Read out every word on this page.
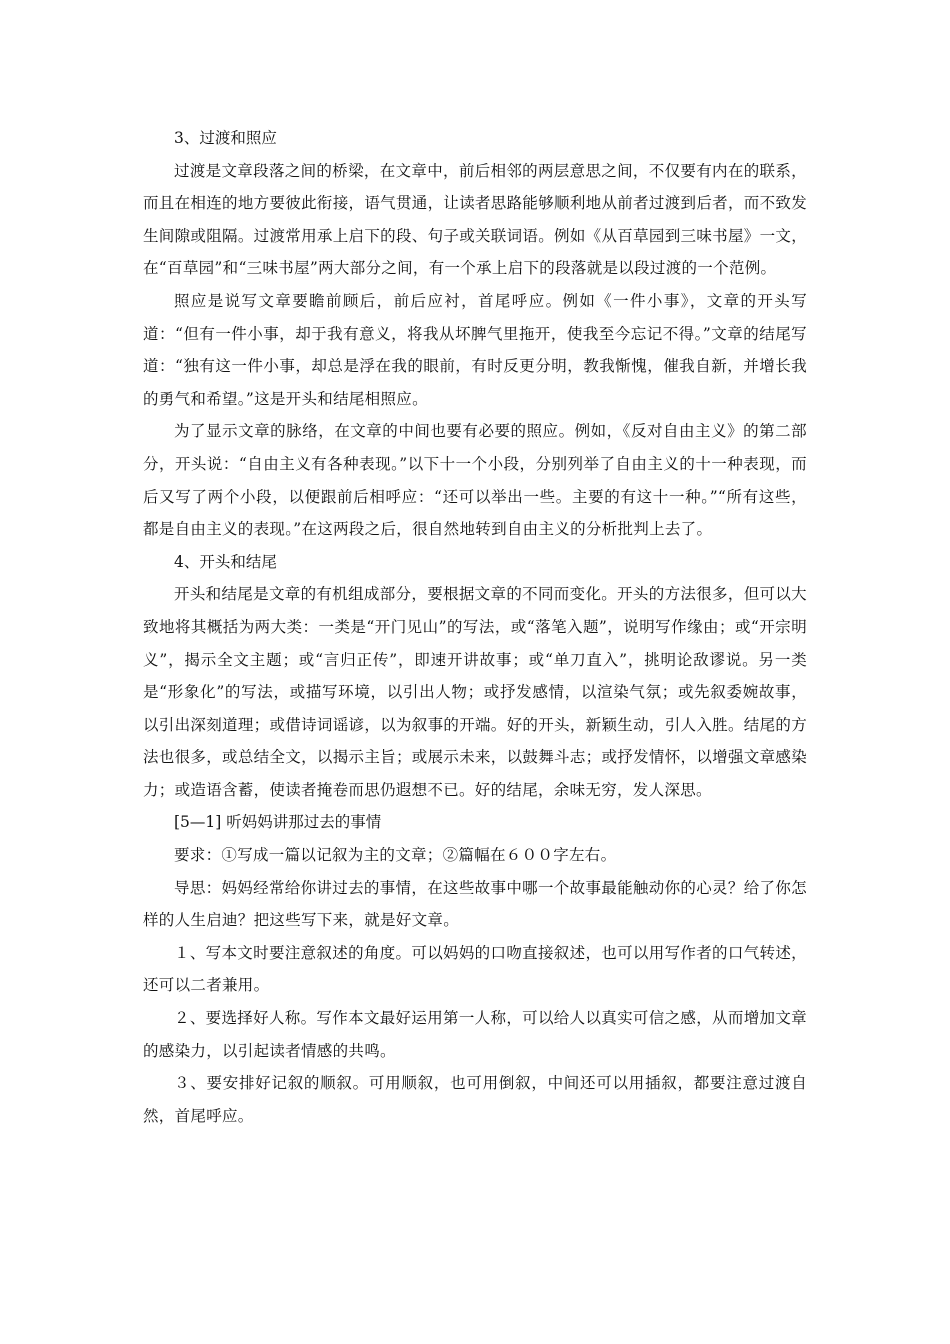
3、过渡和照应

过渡是文章段落之间的桥梁，在文章中，前后相邻的两层意思之间，不仅要有内在的联系，而且在相连的地方要彼此衔接，语气贯通，让读者思路能够顺利地从前者过渡到后者，而不致发生间隙或阻隔。过渡常用承上启下的段、句子或关联词语。例如《从百草园到三味书屋》一文，在“百草园”和“三味书屋”两大部分之间，有一个承上启下的段落就是以段过渡的一个范例。

照应是说写文章要瞻前顾后，前后应衬，首尾呼应。例如《一件小事》，文章的开头写道：“但有一件小事，却于我有意义，将我从坏脾气里拖开，使我至今忘记不得。”文章的结尾写道：“独有这一件小事，却总是浮在我的眼前，有时反更分明，教我惭愧，催我自新，并增长我的勇气和希望。”这是开头和结尾相照应。

为了显示文章的脉络，在文章的中间也要有必要的照应。例如，《反对自由主义》的第二部分，开头说：“自由主义有各种表现。”以下十一个小段，分别列举了自由主义的十一种表现，而后又写了两个小段，以便跟前后相呼应：“还可以举出一些。主要的有这十一种。”“所有这些，都是自由主义的表现。”在这两段之后，很自然地转到自由主义的分析批判上去了。

4、开头和结尾

开头和结尾是文章的有机组成部分，要根据文章的不同而变化。开头的方法很多，但可以大致地将其概括为两大类：一类是“开门见山”的写法，或“落笔入题”，说明写作缘由；或“开宗明义”，揭示全文主题；或“言归正传”，即速开讲故事；或“单刀直入”，挑明论敌谬说。另一类是“形象化”的写法，或描写环境，以引出人物；或抒发感情，以渲染气氛；或先叙委婉故事，以引出深刻道理；或借诗词谣谚，以为叙事的开端。好的开头，新颖生动，引人入胜。结尾的方法也很多，或总结全文，以揭示主旨；或展示未来，以鼓舞斗志；或抒发情怀，以增强文章感染力；或造语含蓄，使读者掩卷而思仍遐想不已。好的结尾，余味无穷，发人深思。

[5—1] 听妈妈讲那过去的事情

要求：①写成一篇以记叙为主的文章；②篇幅在６００字左右。

导思：妈妈经常给你讲过去的事情，在这些故事中哪一个故事最能触动你的心灵？给了你怎样的人生启迪？把这些写下来，就是好文章。

１、写本文时要注意叙述的角度。可以妈妈的口吻直接叙述，也可以用写作者的口气转述，还可以二者兼用。

２、要选择好人称。写作本文最好运用第一人称，可以给人以真实可信之感，从而增加文章的感染力，以引起读者情感的共鸣。

３、要安排好记叙的顺叙。可用顺叙，也可用倒叙，中间还可以用插叙，都要注意过渡自然，首尾呼应。
